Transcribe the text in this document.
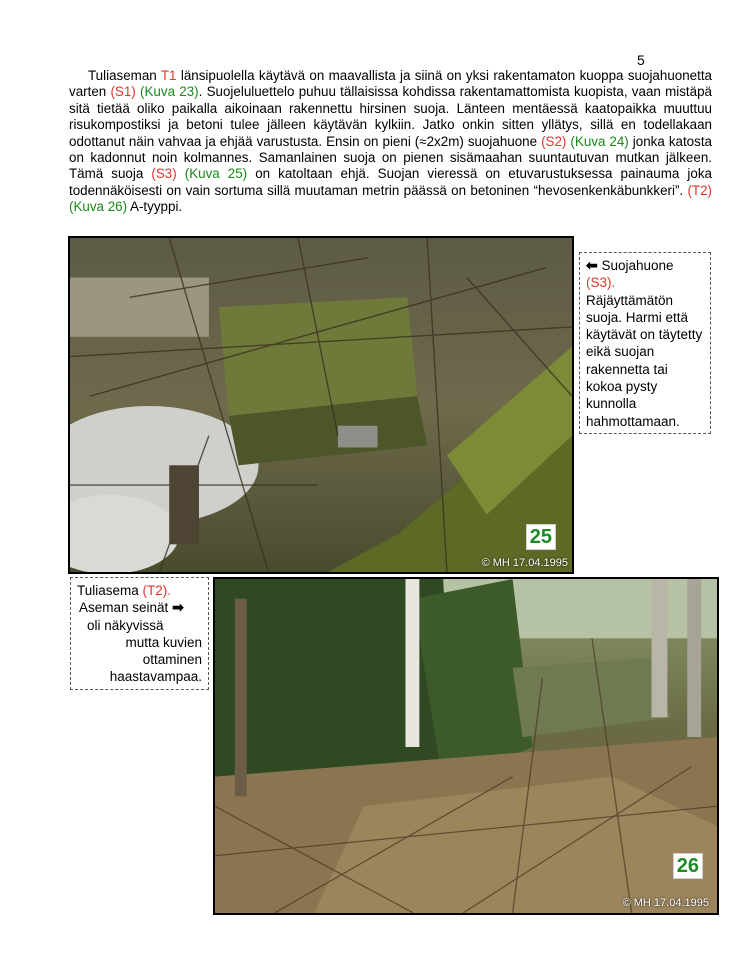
5

Tuliaseman T1 länsipuolella käytävä on maavallista ja siinä on yksi rakentamaton kuoppa suojahuonetta varten (S1) (Kuva 23). Suojeluluettelo puhuu tällaisissa kohdissa rakentamattomista kuopista, vaan mistäpä sitä tietää oliko paikalla aikoinaan rakennettu hirsinen suoja. Länteen mentäessä kaatopaikka muuttuu risukompostiksi ja betoni tulee jälleen käytävän kylkiin. Jatko onkin sitten yllätys, sillä en todellakaan odottanut näin vahvaa ja ehjää varustusta. Ensin on pieni (≈2x2m) suojahuone (S2) (Kuva 24) jonka katosta on kadonnut noin kolmannes. Samanlainen suoja on pienen sisämaahan suuntautuvan mutkan jälkeen. Tämä suoja (S3) (Kuva 25) on katoltaan ehjä. Suojan vieressä on etuvarustuksessa painauma joka todennäköisesti on vain sortuma sillä muutaman metrin päässä on betoninen “hevosenkenkäbunkkeri”. (T2) (Kuva 26) A-tyyppi.

25
© MH 17.04.1995
⬅ Suojahuone
(S3).
Räjäyttämätön suoja. Harmi että käytävät on täytetty eikä suojan rakennetta tai kokoa pysty kunnolla hahmottamaan.
Tuliasema (T2).
Aseman seinät ➡
oli näkyvissä
mutta kuvien
ottaminen
haastavampaa.
26
© MH 17.04.1995
